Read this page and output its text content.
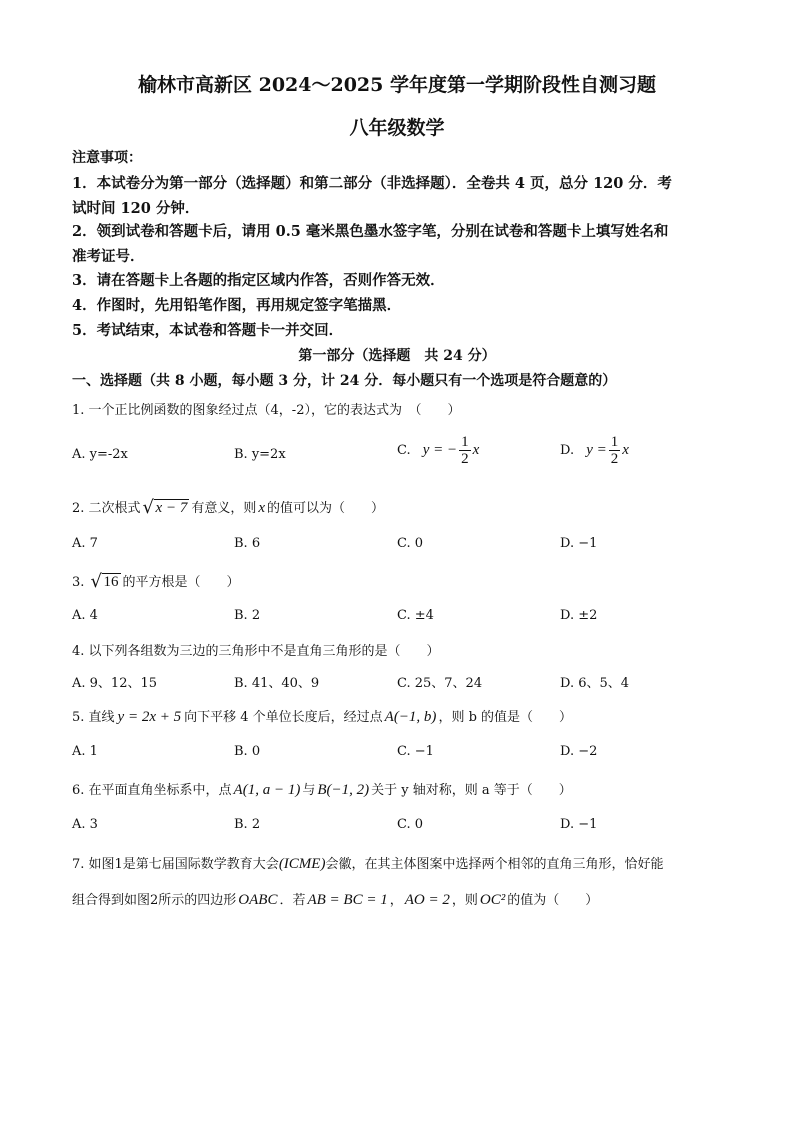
榆林市高新区 2024～2025 学年度第一学期阶段性自测习题
八年级数学
注意事项：
1．本试卷分为第一部分（选择题）和第二部分（非选择题）．全卷共 4 页，总分 120 分．考
试时间 120 分钟．
2．领到试卷和答题卡后，请用 0.5 毫米黑色墨水签字笔，分别在试卷和答题卡上填写姓名和
准考证号．
3．请在答题卡上各题的指定区域内作答，否则作答无效．
4．作图时，先用铅笔作图，再用规定签字笔描黑．
5．考试结束，本试卷和答题卡一并交回．
第一部分（选择题　共 24 分）
一、选择题（共 8 小题，每小题 3 分，计 24 分．每小题只有一个选项是符合题意的）
1. 一个正比例函数的图象经过点（4，-2），它的表达式为　（　　）
A. y=-2x	B. y=2x	C. y = − $\frac{1}{2}$ x	D. $y = \frac{1}{2}$ x
2. 二次根式 √ x − 7 有意义，则 x 的值可以为（　　）
A. 7	B. 6	C. 0	D. −1
3. √ 16 的平方根是（　　）
A. 4	B. 2	C. ±4	D. ±2
4. 以下列各组数为三边的三角形中不是直角三角形的是（　　）
A. 9、12、15	B. 41、40、9	C. 25、7、24	D. 6、5、4
5. 直线 y = 2x + 5 向下平移 4 个单位长度后，经过点 A(−1, b) ，则 b 的值是（　　）
A. 1	B. 0	C. −1	D. −2
6. 在平面直角坐标系中，点 A(1, a − 1) 与 B(−1, 2) 关于 y 轴对称，则 a 等于（　　）
A. 3	B. 2	C. 0	D. −1
7. 如图1是第七届国际数学教育大会(ICME)会徽，在其主体图案中选择两个相邻的直角三角形，恰好能
组合得到如图2所示的四边形 OABC ．若 AB = BC = 1 ， AO = 2 ，则 OC² 的值为（　　）
